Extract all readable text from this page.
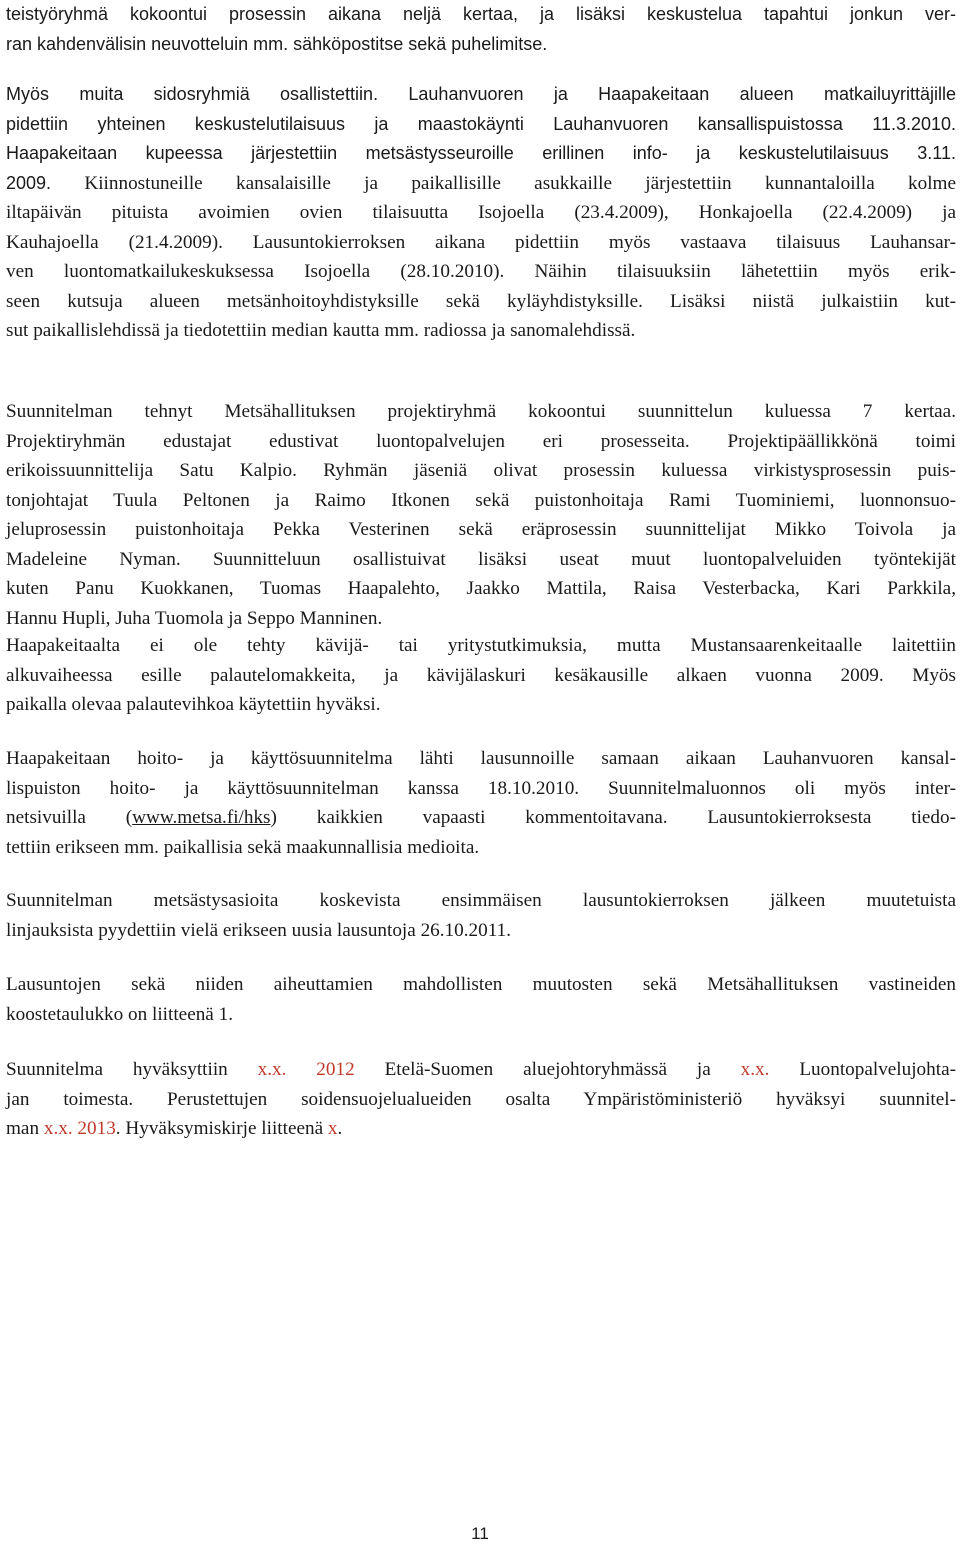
teistyöryhmä kokoontui prosessin aikana neljä kertaa, ja lisäksi keskustelua tapahtui jonkun ver-
ran kahdenvälisin neuvotteluin mm. sähköpostitse sekä puhelimitse.

Myös muita sidosryhmiä osallistettiin. Lauhanvuoren ja Haapakeitaan alueen matkailuyrittäjille
pidettiin yhteinen keskustelutilaisuus ja maastokäynti Lauhanvuoren kansallispuistossa 11.3.2010.
Haapakeitaan kupeessa järjestettiin metsästysseuroille erillinen info- ja keskustelutilaisuus 3.11.
2009. Kiinnostuneille kansalaisille ja paikallisille asukkaille järjestettiin kunnantaloilla kolme
iltapäivän pituista avoimien ovien tilaisuutta Isojoella (23.4.2009), Honkajoella (22.4.2009) ja
Kauhajoella (21.4.2009). Lausuntokierroksen aikana pidettiin myös vastaava tilaisuus Lauhansar-
ven luontomatkailukeskuksessa Isojoella (28.10.2010). Näihin tilaisuuksiin lähetettiin myös erik-
seen kutsuja alueen metsänhoitoyhdistyksille sekä kyläyhdistyksille. Lisäksi niistä julkaistiin kut-
sut paikallislehdissä ja tiedotettiin median kautta mm. radiossa ja sanomalehdissä.

Suunnitelman tehnyt Metsähallituksen projektiryhmä kokoontui suunnittelun kuluessa 7 kertaa.
Projektiryhmän edustajat edustivat luontopalvelujen eri prosesseita. Projektipäällikkönä toimi
erikoissuunnittelija Satu Kalpio. Ryhmän jäseniä olivat prosessin kuluessa virkistysprosessin puis-
tonjohtajat Tuula Peltonen ja Raimo Itkonen sekä puistonhoitaja Rami Tuominiemi, luonnonsuo-
jeluprosessin puistonhoitaja Pekka Vesterinen sekä eräprosessin suunnittelijat Mikko Toivola ja
Madeleine Nyman. Suunnitteluun osallistuivat lisäksi useat muut luontopalveluiden työntekijät
kuten Panu Kuokkanen, Tuomas Haapalehto, Jaakko Mattila, Raisa Vesterbacka, Kari Parkkila,
Hannu Hupli, Juha Tuomola ja Seppo Manninen.

Haapakeitaalta ei ole tehty kävijä- tai yritystutkimuksia, mutta Mustansaarenkeitaalle laitettiin
alkuvaiheessa esille palautelomakkeita, ja kävijälaskuri kesäkausille alkaen vuonna 2009. Myös
paikalla olevaa palautevihkoa käytettiin hyväksi.

Haapakeitaan hoito- ja käyttösuunnitelma lähti lausunnoille samaan aikaan Lauhanvuoren kansal-
lispuiston hoito- ja käyttösuunnitelman kanssa 18.10.2010. Suunnitelmaluonnos oli myös inter-
netsivuilla (www.metsa.fi/hks) kaikkien vapaasti kommentoitavana. Lausuntokierroksesta tiedo-
tettiin erikseen mm. paikallisia sekä maakunnallisia medioita.

Suunnitelman metsästysasioita koskevista ensimmäisen lausuntokierroksen jälkeen muutetuista
linjauksista pyydettiin vielä erikseen uusia lausuntoja 26.10.2011.

Lausuntojen sekä niiden aiheuttamien mahdollisten muutosten sekä Metsähallituksen vastineiden
koostetaulukko on liitteenä 1.

Suunnitelma hyväksyttiin x.x. 2012 Etelä-Suomen aluejohtoryhmässä ja x.x. Luontopalvelujohta-
jan toimesta. Perustettujen soidensuojelualueiden osalta Ympäristöministeriö hyväksyi suunnitel-
man x.x. 2013. Hyväksymiskirje liitteenä x.

11
